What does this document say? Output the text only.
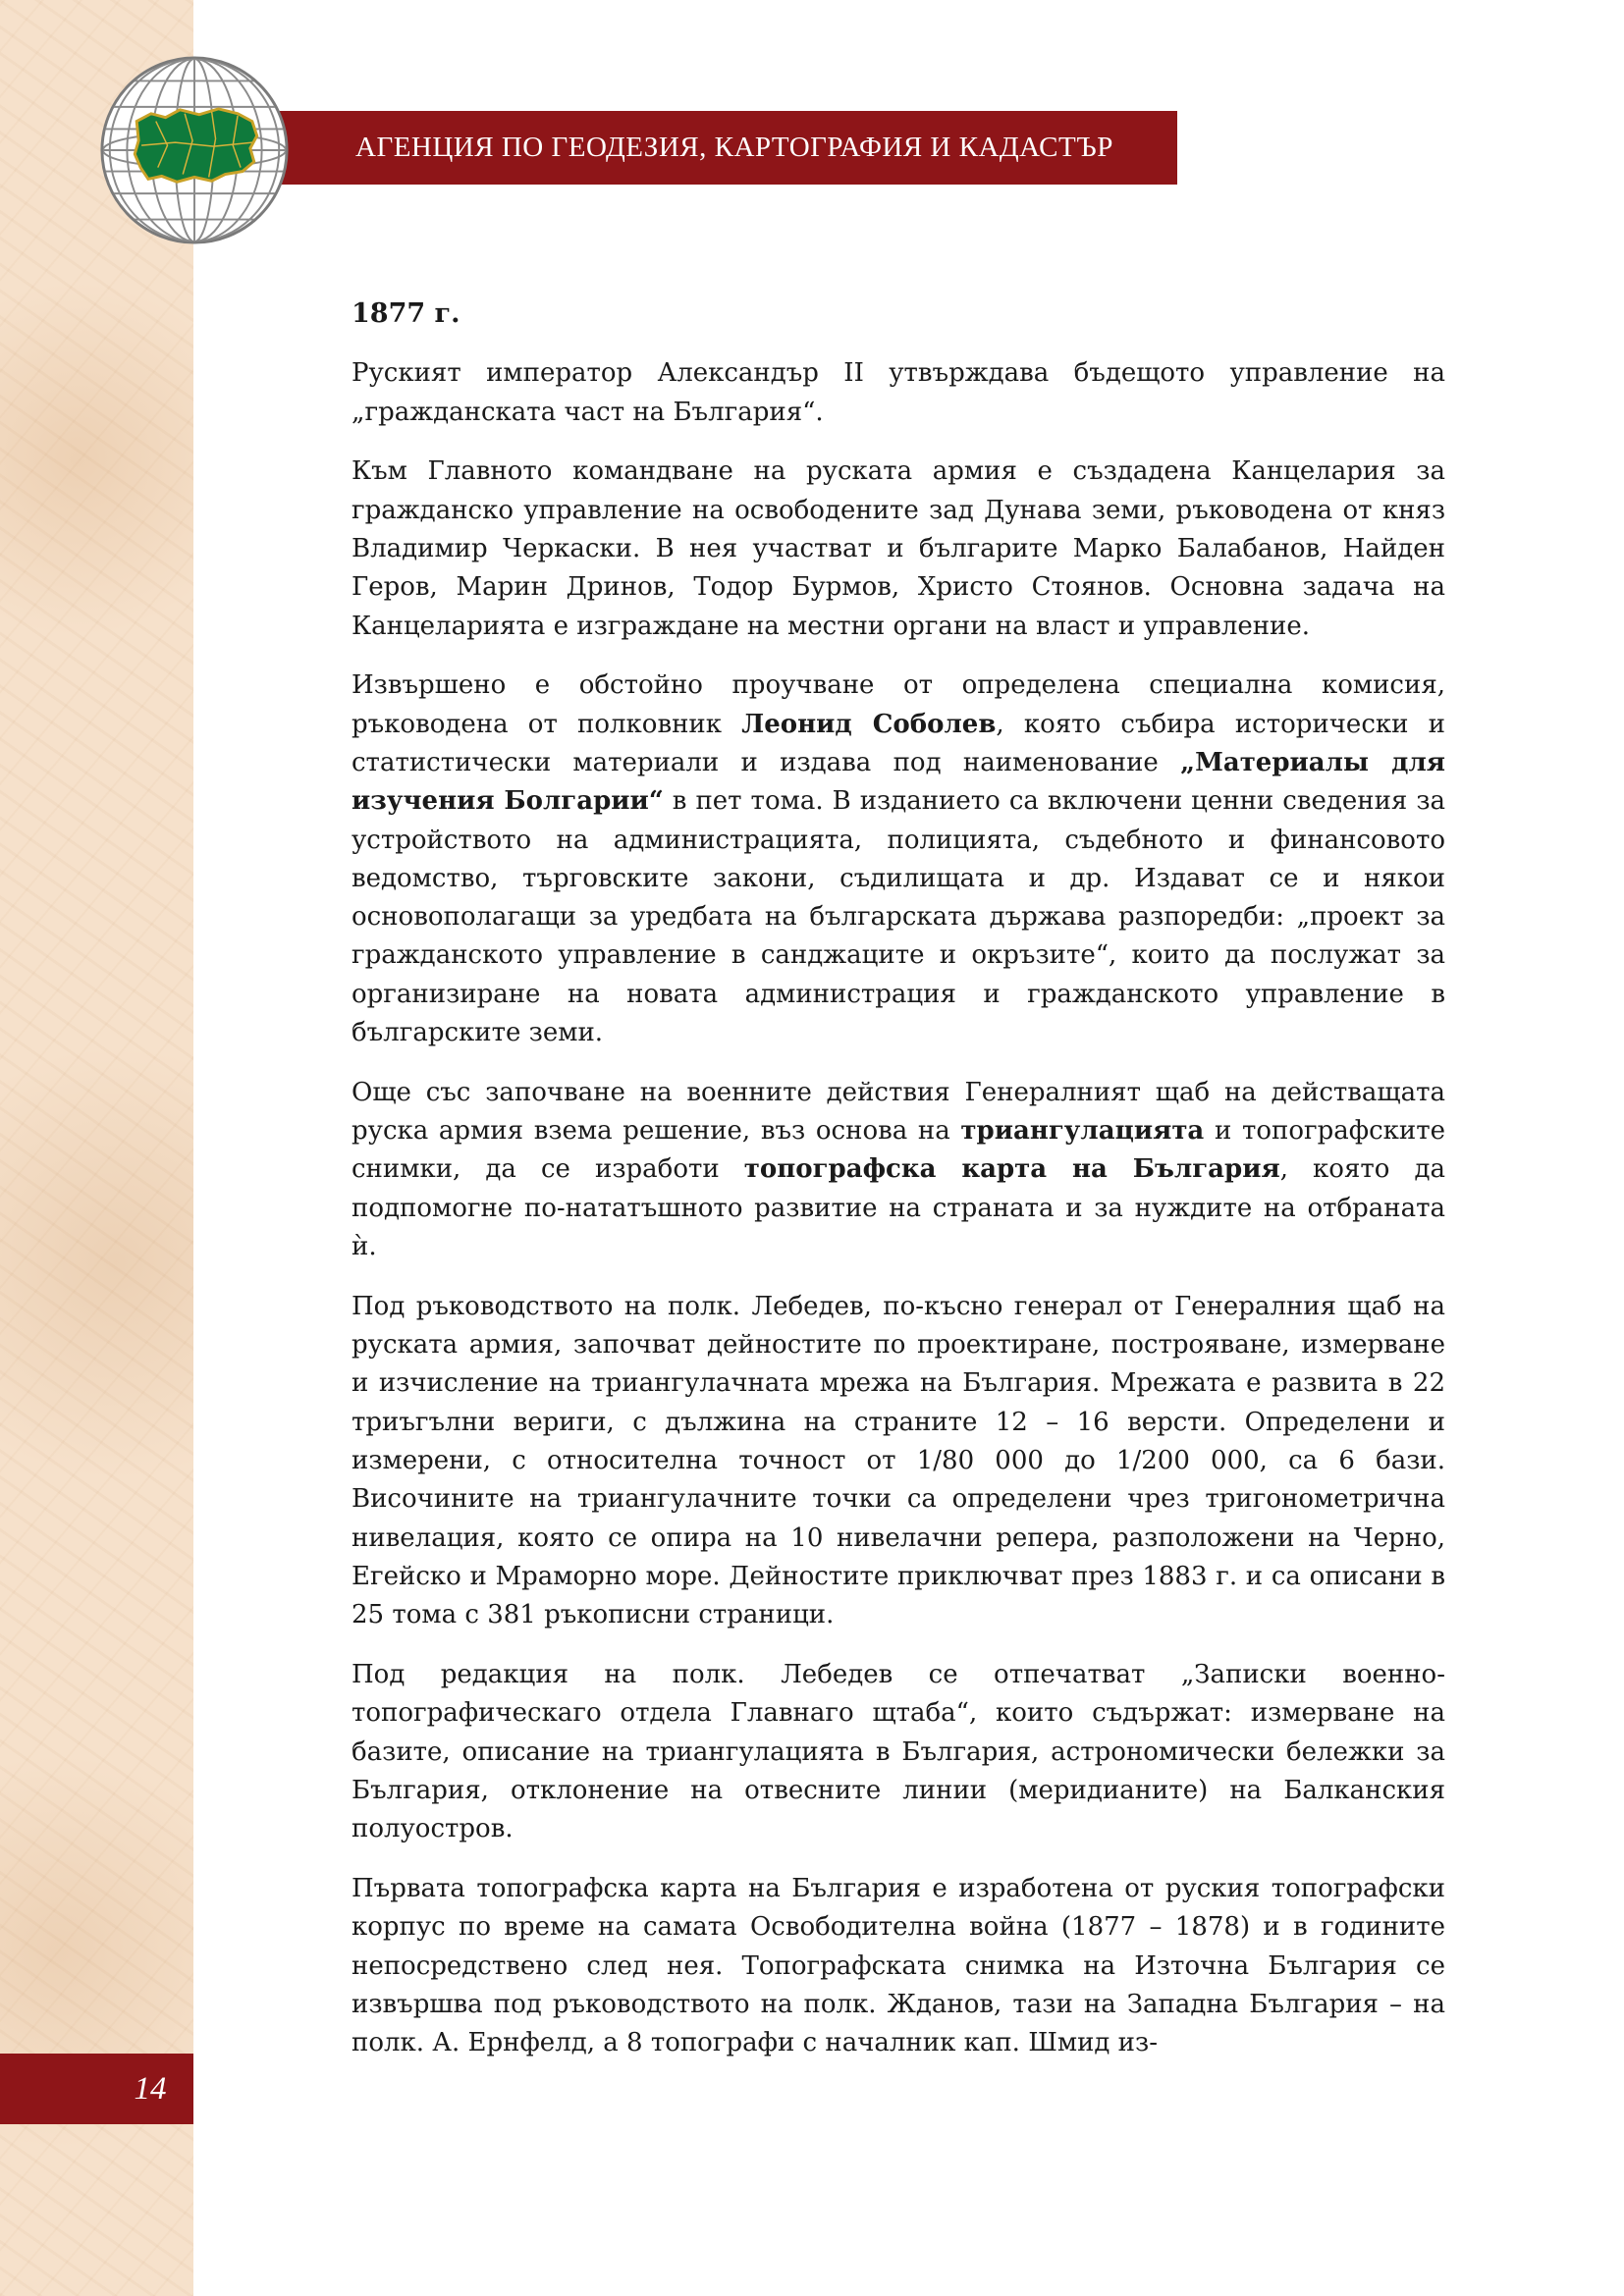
АГЕНЦИЯ ПО ГЕОДЕЗИЯ, КАРТОГРАФИЯ И КАДАСТЪР
14
1877 г.

Руският император Александър II утвърждава бъдещото управление на „гражданската част на България“.

Към Главното командване на руската армия е създадена Канцелария за гражданско управление на освободените зад Дунава земи, ръководена от княз Владимир Черкаски. В нея участват и българите Марко Балабанов, Найден Геров, Марин Дринов, Тодор Бурмов, Христо Стоянов. Основна задача на Канцеларията е изграждане на местни органи на власт и управление.

Извършено е обстойно проучване от определена специална комисия, ръководена от полковник Леонид Соболев, която събира исторически и статистически материали и издава под наименование „Материалы для изучения Болгарии“ в пет тома. В изданието са включени ценни сведения за устройството на администрацията, полицията, съдебното и финансовото ведомство, търговските закони, съдилищата и др. Издават се и някои основополагащи за уредбата на българската държава разпоредби: „проект за гражданското управление в санджаците и окръзите“, които да послужат за организиране на новата администрация и гражданското управление в българските земи.

Още със започване на военните действия Генералният щаб на действащата руска армия взема решение, въз основа на триангулацията и топографските снимки, да се изработи топографска карта на България, която да подпомогне по-нататъшното развитие на страната и за нуждите на отбраната ѝ.

Под ръководството на полк. Лебедев, по-късно генерал от Генералния щаб на руската армия, започват дейностите по проектиране, построяване, измерване и изчисление на триангулачната мрежа на България. Мрежата е развита в 22 триъгълни вериги, с дължина на страните 12 – 16 версти. Определени и измерени, с относителна точност от 1/80 000 до 1/200 000, са 6 бази. Височините на триангулачните точки са определени чрез тригонометрична нивелация, която се опира на 10 нивелачни репера, разположени на Черно, Егейско и Мраморно море. Дейностите приключват през 1883 г. и са описани в 25 тома с 381 ръкописни страници.

Под редакция на полк. Лебедев се отпечатват „Записки военно-топографическаго отдела Главнаго щтаба“, които съдържат: измерване на базите, описание на триангулацията в България, астрономически бележки за България, отклонение на отвесните линии (меридианите) на Балканския полуостров.

Първата топографска карта на България е изработена от руския топографски корпус по време на самата Освободителна война (1877 – 1878) и в годините непосредствено след нея. Топографската снимка на Източна България се извършва под ръководството на полк. Жданов, тази на Западна България – на полк. А. Ернфелд, а 8 топографи с началник кап. Шмид из-
